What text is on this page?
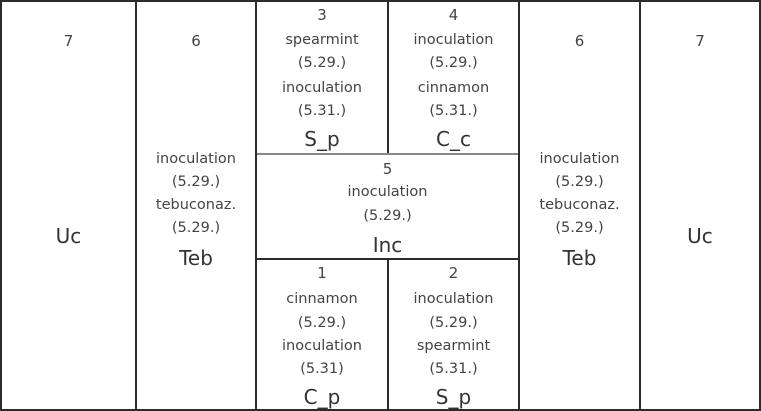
7
Uc
6
inoculation
(5.29.)
tebuconaz.
(5.29.)
Teb
3
spearmint
(5.29.)
inoculation
(5.31.)
S_p
4
inoculation
(5.29.)
cinnamon
(5.31.)
C_c
5
inoculation
(5.29.)
Inc
1
cinnamon
(5.29.)
inoculation
(5.31)
C_p
2
inoculation
(5.29.)
spearmint
(5.31.)
S_p
6
inoculation
(5.29.)
tebuconaz.
(5.29.)
Teb
7
Uc
